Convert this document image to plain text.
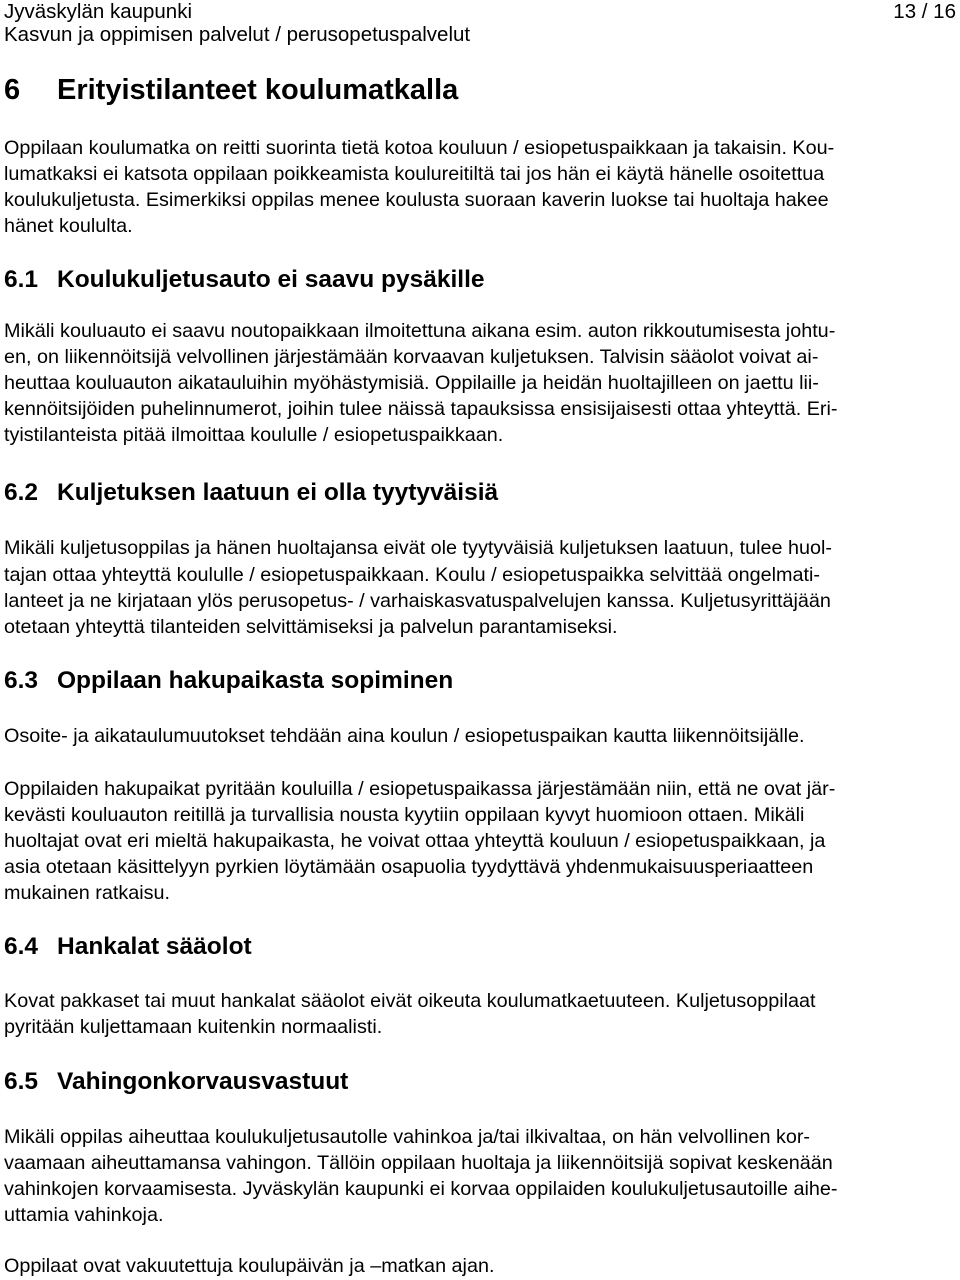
Jyväskylän kaupunki

Kasvun ja oppimisen palvelut / perusopetuspalvelut

13 / 16

6 Erityistilanteet koulumatkalla

Oppilaan koulumatka on reitti suorinta tietä kotoa kouluun / esiopetuspaikkaan ja takaisin. Kou-

lumatkaksi ei katsota oppilaan poikkeamista koulureitiltä tai jos hän ei käytä hänelle osoitettua

koulukuljetusta. Esimerkiksi oppilas menee koulusta suoraan kaverin luokse tai huoltaja hakee

hänet koululta.

6.1 Koulukuljetusauto ei saavu pysäkille

Mikäli kouluauto ei saavu noutopaikkaan ilmoitettuna aikana esim. auton rikkoutumisesta johtu-

en, on liikennöitsijä velvollinen järjestämään korvaavan kuljetuksen. Talvisin sääolot voivat ai-

heuttaa kouluauton aikatauluihin myöhästymisiä. Oppilaille ja heidän huoltajilleen on jaettu lii-

kennöitsijöiden puhelinnumerot, joihin tulee näissä tapauksissa ensisijaisesti ottaa yhteyttä. Eri-

tyistilanteista pitää ilmoittaa koululle / esiopetuspaikkaan.

6.2 Kuljetuksen laatuun ei olla tyytyväisiä

Mikäli kuljetusoppilas ja hänen huoltajansa eivät ole tyytyväisiä kuljetuksen laatuun, tulee huol-

tajan ottaa yhteyttä koululle / esiopetuspaikkaan. Koulu / esiopetuspaikka selvittää ongelmati-

lanteet ja ne kirjataan ylös perusopetus- / varhaiskasvatuspalvelujen kanssa. Kuljetusyrittäjään

otetaan yhteyttä tilanteiden selvittämiseksi ja palvelun parantamiseksi.

6.3 Oppilaan hakupaikasta sopiminen

Osoite- ja aikataulumuutokset tehdään aina koulun / esiopetuspaikan kautta liikennöitsijälle.

Oppilaiden hakupaikat pyritään kouluilla / esiopetuspaikassa järjestämään niin, että ne ovat jär-

kevästi kouluauton reitillä ja turvallisia nousta kyytiin oppilaan kyvyt huomioon ottaen. Mikäli

huoltajat ovat eri mieltä hakupaikasta, he voivat ottaa yhteyttä kouluun / esiopetuspaikkaan, ja

asia otetaan käsittelyyn pyrkien löytämään osapuolia tyydyttävä yhdenmukaisuusperiaatteen

mukainen ratkaisu.

6.4 Hankalat sääolot

Kovat pakkaset tai muut hankalat sääolot eivät oikeuta koulumatkaetuuteen. Kuljetusoppilaat

pyritään kuljettamaan kuitenkin normaalisti.

6.5 Vahingonkorvausvastuut

Mikäli oppilas aiheuttaa koulukuljetusautolle vahinkoa ja/tai ilkivaltaa, on hän velvollinen kor-

vaamaan aiheuttamansa vahingon. Tällöin oppilaan huoltaja ja liikennöitsijä sopivat keskenään

vahinkojen korvaamisesta. Jyväskylän kaupunki ei korvaa oppilaiden koulukuljetusautoille aihe-

uttamia vahinkoja.

Oppilaat ovat vakuutettuja koulupäivän ja –matkan ajan.
